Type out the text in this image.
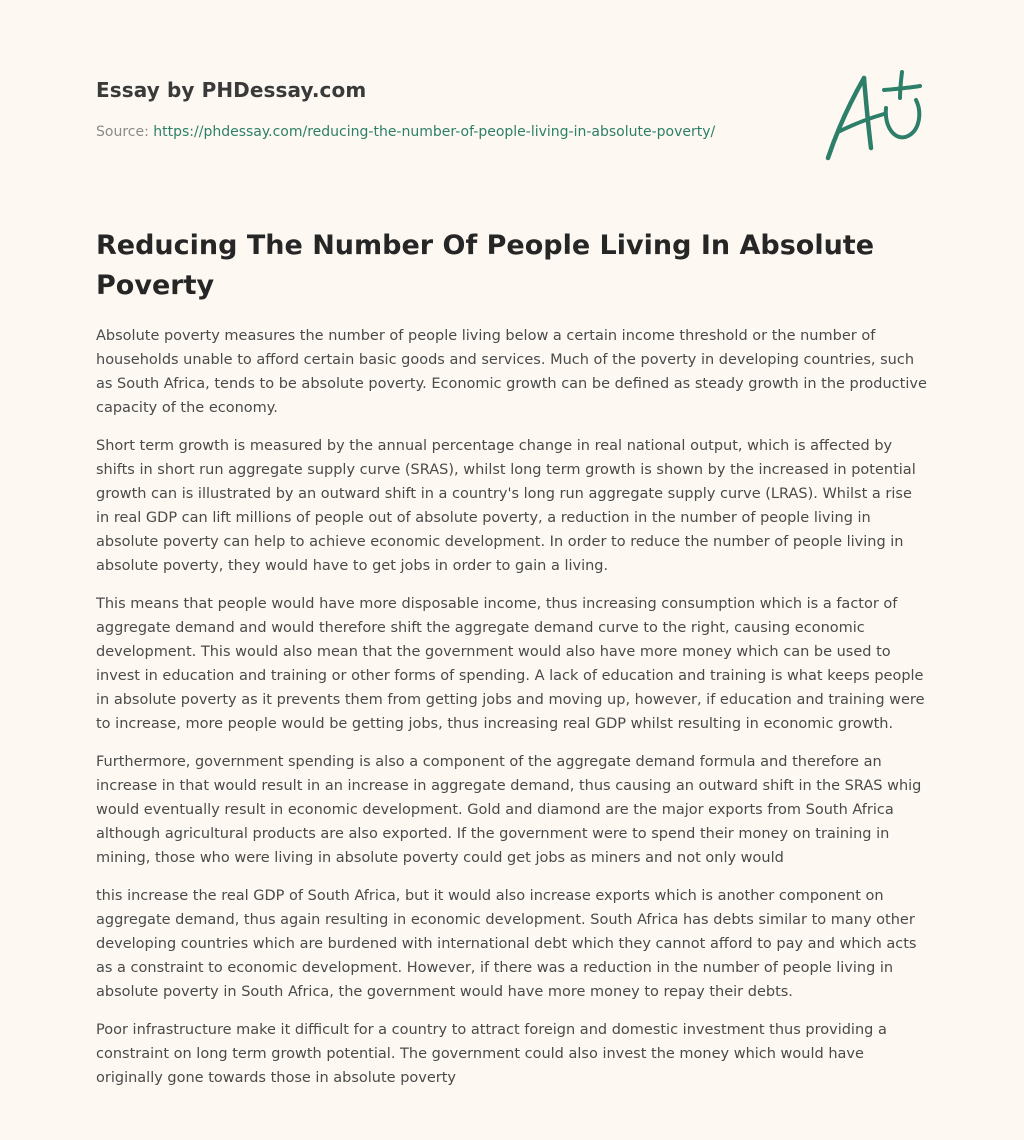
Essay by PHDessay.com
Source: https://phdessay.com/reducing-the-number-of-people-living-in-absolute-poverty/
Reducing The Number Of People Living In Absolute Poverty

Absolute poverty measures the number of people living below a certain income threshold or the number of households unable to afford certain basic goods and services. Much of the poverty in developing countries, such as South Africa, tends to be absolute poverty. Economic growth can be defined as steady growth in the productive capacity of the economy.

Short term growth is measured by the annual percentage change in real national output, which is affected by shifts in short run aggregate supply curve (SRAS), whilst long term growth is shown by the increased in potential growth can is illustrated by an outward shift in a country's long run aggregate supply curve (LRAS). Whilst a rise in real GDP can lift millions of people out of absolute poverty, a reduction in the number of people living in absolute poverty can help to achieve economic development. In order to reduce the number of people living in absolute poverty, they would have to get jobs in order to gain a living.

This means that people would have more disposable income, thus increasing consumption which is a factor of aggregate demand and would therefore shift the aggregate demand curve to the right, causing economic development. This would also mean that the government would also have more money which can be used to invest in education and training or other forms of spending. A lack of education and training is what keeps people in absolute poverty as it prevents them from getting jobs and moving up, however, if education and training were to increase, more people would be getting jobs, thus increasing real GDP whilst resulting in economic growth.

Furthermore, government spending is also a component of the aggregate demand formula and therefore an increase in that would result in an increase in aggregate demand, thus causing an outward shift in the SRAS whig would eventually result in economic development. Gold and diamond are the major exports from South Africa although agricultural products are also exported. If the government were to spend their money on training in mining, those who were living in absolute poverty could get jobs as miners and not only would

this increase the real GDP of South Africa, but it would also increase exports which is another component on aggregate demand, thus again resulting in economic development. South Africa has debts similar to many other developing countries which are burdened with international debt which they cannot afford to pay and which acts as a constraint to economic development. However, if there was a reduction in the number of people living in absolute poverty in South Africa, the government would have more money to repay their debts.

Poor infrastructure make it difficult for a country to attract foreign and domestic investment thus providing a constraint on long term growth potential. The government could also invest the money which would have originally gone towards those in absolute poverty
